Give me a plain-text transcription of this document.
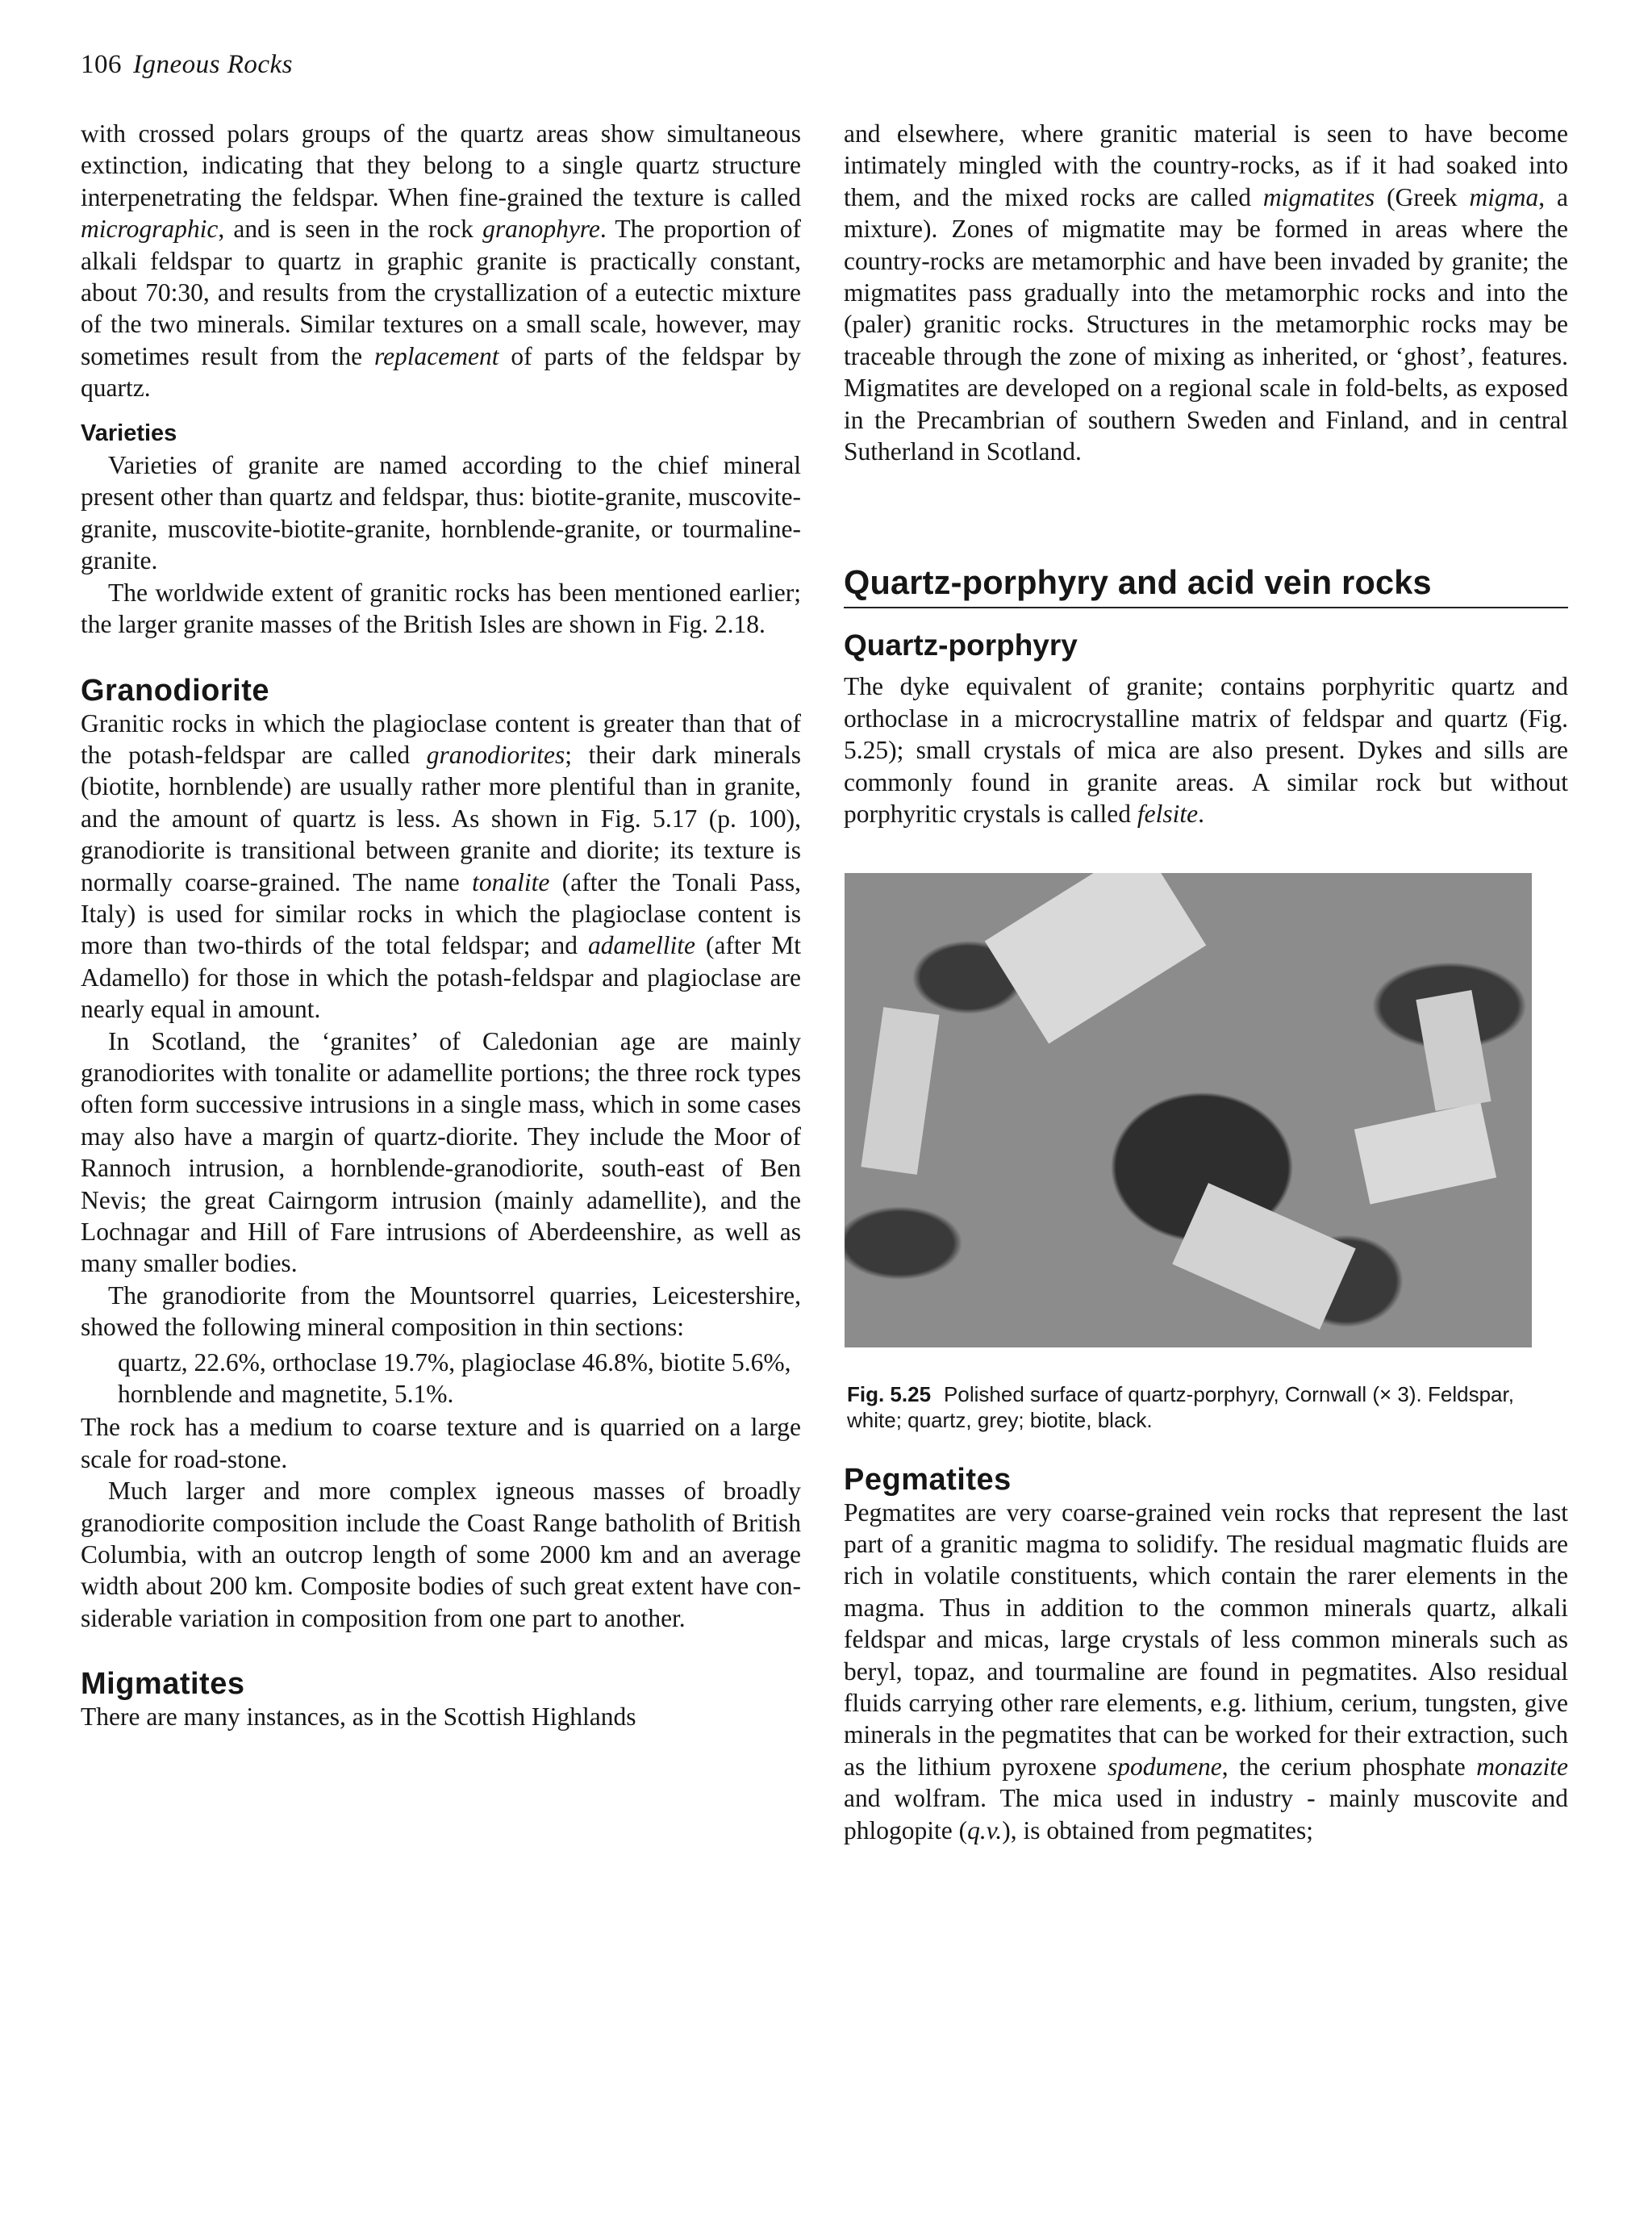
106 Igneous Rocks

with crossed polars groups of the quartz areas show simultaneous extinction, indicating that they belong to a single quartz structure interpenetrating the feldspar. When fine-grained the texture is called micrographic, and is seen in the rock granophyre. The proportion of alkali feldspar to quartz in graphic granite is practically constant, about 70:30, and results from the crystallization of a eutectic mixture of the two minerals. Similar textures on a small scale, however, may sometimes result from the replacement of parts of the feldspar by quartz.

Varieties

Varieties of granite are named according to the chief mineral present other than quartz and feldspar, thus: biotite-granite, muscovite-granite, muscovite-biotite-granite, hornblende-granite, or tourmaline-granite.

The worldwide extent of granitic rocks has been mentioned earlier; the larger granite masses of the British Isles are shown in Fig. 2.18.

Granodiorite

Granitic rocks in which the plagioclase content is greater than that of the potash-feldspar are called granodiorites; their dark minerals (biotite, hornblende) are usually rather more plentiful than in granite, and the amount of quartz is less. As shown in Fig. 5.17 (p. 100), granodiorite is transitional between granite and diorite; its texture is normally coarse-grained. The name tonalite (after the Tonali Pass, Italy) is used for similar rocks in which the plagioclase content is more than two-thirds of the total feldspar; and adamellite (after Mt Adamello) for those in which the potash-feldspar and plagioclase are nearly equal in amount.

In Scotland, the ‘granites’ of Caledonian age are mainly granodiorites with tonalite or adamellite portions; the three rock types often form successive intrusions in a single mass, which in some cases may also have a margin of quartz-diorite. They include the Moor of Rannoch intrusion, a hornblende-granodiorite, south-east of Ben Nevis; the great Cairngorm intrusion (mainly adamellite), and the Lochnagar and Hill of Fare intrusions of Aberdeenshire, as well as many smaller bodies.

The granodiorite from the Mountsorrel quarries, Leicestershire, showed the following mineral composition in thin sections:

quartz, 22.6%, orthoclase 19.7%, plagioclase 46.8%, biotite 5.6%, hornblende and magnetite, 5.1%.

The rock has a medium to coarse texture and is quarried on a large scale for road-stone.

Much larger and more complex igneous masses of broadly granodiorite composition include the Coast Range batholith of British Columbia, with an outcrop length of some 2000 km and an average width about 200 km. Composite bodies of such great extent have considerable variation in composition from one part to another.

Migmatites

There are many instances, as in the Scottish Highlands

and elsewhere, where granitic material is seen to have become intimately mingled with the country-rocks, as if it had soaked into them, and the mixed rocks are called migmatites (Greek migma, a mixture). Zones of migmatite may be formed in areas where the country-rocks are metamorphic and have been invaded by granite; the migmatites pass gradually into the metamorphic rocks and into the (paler) granitic rocks. Structures in the metamorphic rocks may be traceable through the zone of mixing as inherited, or ‘ghost’, features. Migmatites are developed on a regional scale in fold-belts, as exposed in the Precambrian of southern Sweden and Finland, and in central Sutherland in Scotland.

Quartz-porphyry and acid vein rocks
Quartz-porphyry

The dyke equivalent of granite; contains porphyritic quartz and orthoclase in a microcrystalline matrix of feldspar and quartz (Fig. 5.25); small crystals of mica are also present. Dykes and sills are commonly found in granite areas. A similar rock but without porphyritic crystals is called felsite.

Fig. 5.25 Polished surface of quartz-porphyry, Cornwall (× 3). Feldspar, white; quartz, grey; biotite, black.
Pegmatites

Pegmatites are very coarse-grained vein rocks that represent the last part of a granitic magma to solidify. The residual magmatic fluids are rich in volatile constituents, which contain the rarer elements in the magma. Thus in addition to the common minerals quartz, alkali feldspar and micas, large crystals of less common minerals such as beryl, topaz, and tourmaline are found in pegmatites. Also residual fluids carrying other rare elements, e.g. lithium, cerium, tungsten, give minerals in the pegmatites that can be worked for their extraction, such as the lithium pyroxene spodumene, the cerium phosphate monazite and wolfram. The mica used in industry - mainly muscovite and phlogopite (q.v.), is obtained from pegmatites;
